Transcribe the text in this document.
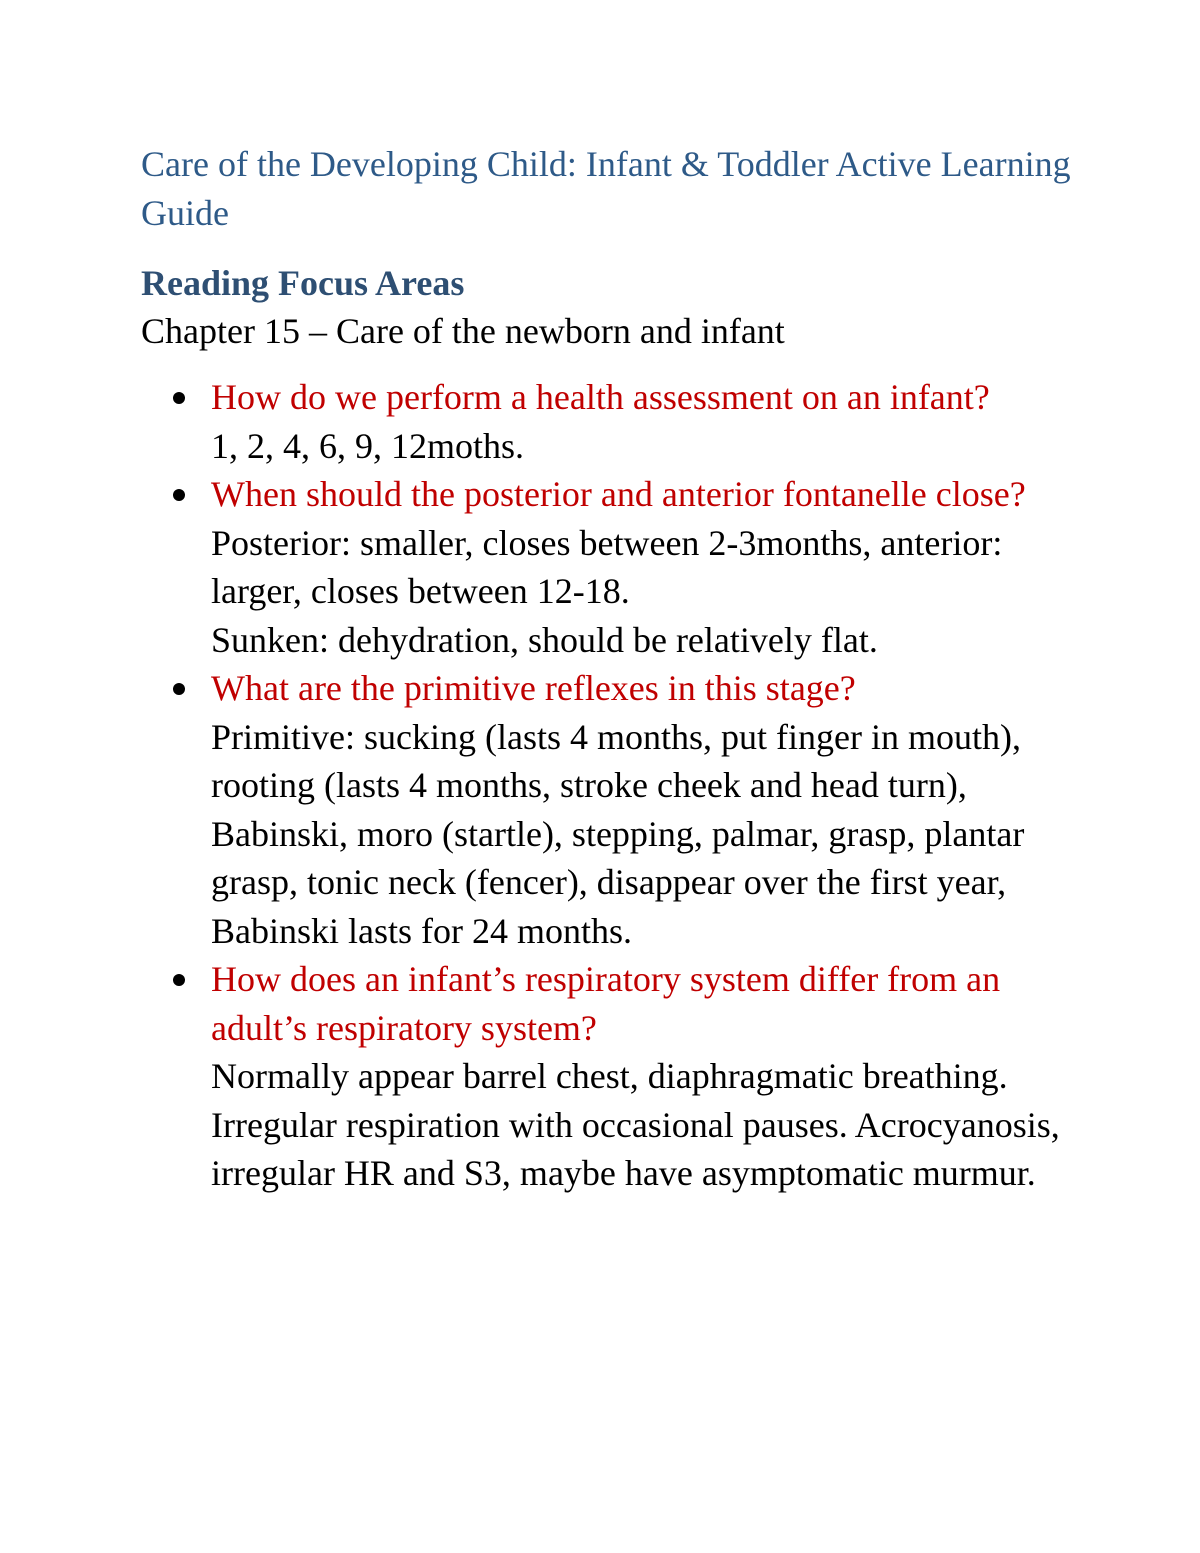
Care of the Developing Child: Infant & Toddler Active Learning Guide
Reading Focus Areas

Chapter 15 – Care of the newborn and infant

How do we perform a health assessment on an infant?
1, 2, 4, 6, 9, 12moths.
When should the posterior and anterior fontanelle close?
Posterior: smaller, closes between 2-3months, anterior: larger, closes between 12-18.
Sunken: dehydration, should be relatively flat.
What are the primitive reflexes in this stage?
Primitive: sucking (lasts 4 months, put finger in mouth), rooting (lasts 4 months, stroke cheek and head turn), Babinski, moro (startle), stepping, palmar, grasp, plantar grasp, tonic neck (fencer), disappear over the first year, Babinski lasts for 24 months.
How does an infant’s respiratory system differ from an adult’s respiratory system?
Normally appear barrel chest, diaphragmatic breathing. Irregular respiration with occasional pauses. Acrocyanosis, irregular HR and S3, maybe have asymptomatic murmur.
